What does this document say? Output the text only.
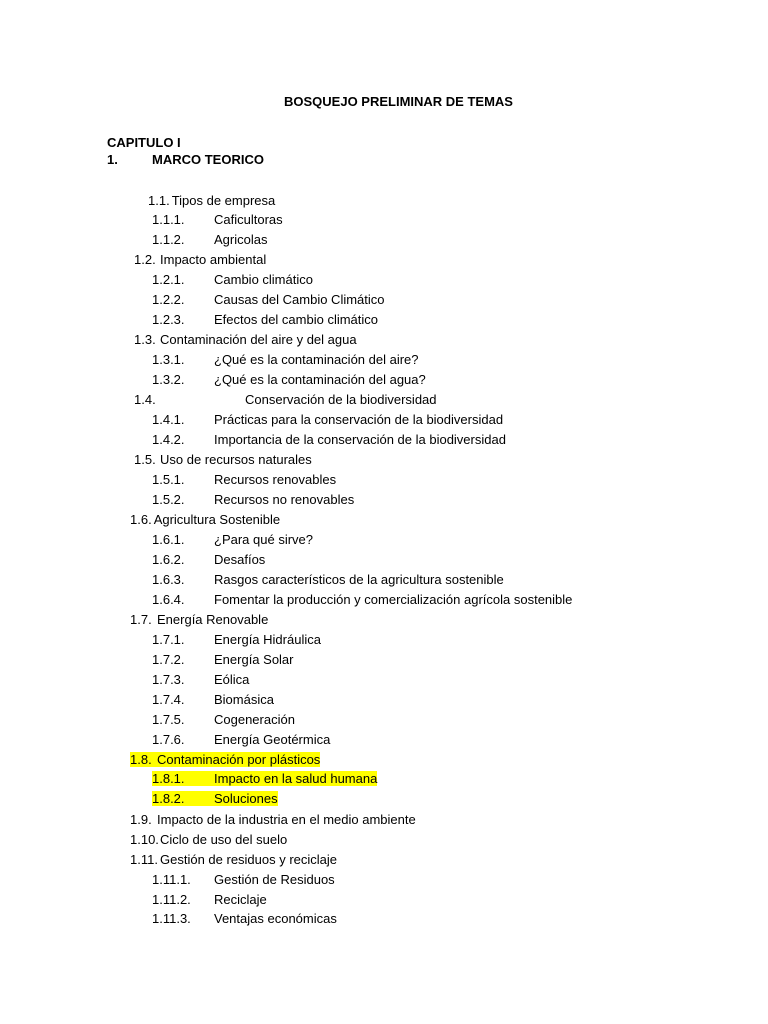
BOSQUEJO PRELIMINAR DE TEMAS
CAPITULO I
1.	MARCO TEORICO
1.1. Tipos de empresa
1.1.1. Caficultoras
1.1.2. Agricolas
1.2. Impacto ambiental
1.2.1. Cambio climático
1.2.2. Causas del Cambio Climático
1.2.3. Efectos del cambio climático
1.3. Contaminación del aire y del agua
1.3.1. ¿Qué es la contaminación del aire?
1.3.2. ¿Qué es la contaminación del agua?
1.4.	Conservación de la biodiversidad
1.4.1. Prácticas para la conservación de la biodiversidad
1.4.2. Importancia de la conservación de la biodiversidad
1.5. Uso de recursos naturales
1.5.1. Recursos renovables
1.5.2. Recursos no renovables
1.6. Agricultura Sostenible
1.6.1. ¿Para qué sirve?
1.6.2. Desafíos
1.6.3. Rasgos característicos de la agricultura sostenible
1.6.4. Fomentar la producción y comercialización agrícola sostenible
1.7. Energía Renovable
1.7.1. Energía Hidráulica
1.7.2. Energía Solar
1.7.3. Eólica
1.7.4. Biomásica
1.7.5. Cogeneración
1.7.6. Energía Geotérmica
1.8. Contaminación por plásticos
1.8.1. Impacto en la salud humana
1.8.2. Soluciones
1.9. Impacto de la industria en el medio ambiente
1.10. Ciclo de uso del suelo
1.11. Gestión de residuos y reciclaje
1.11.1. Gestión de Residuos
1.11.2. Reciclaje
1.11.3. Ventajas económicas
